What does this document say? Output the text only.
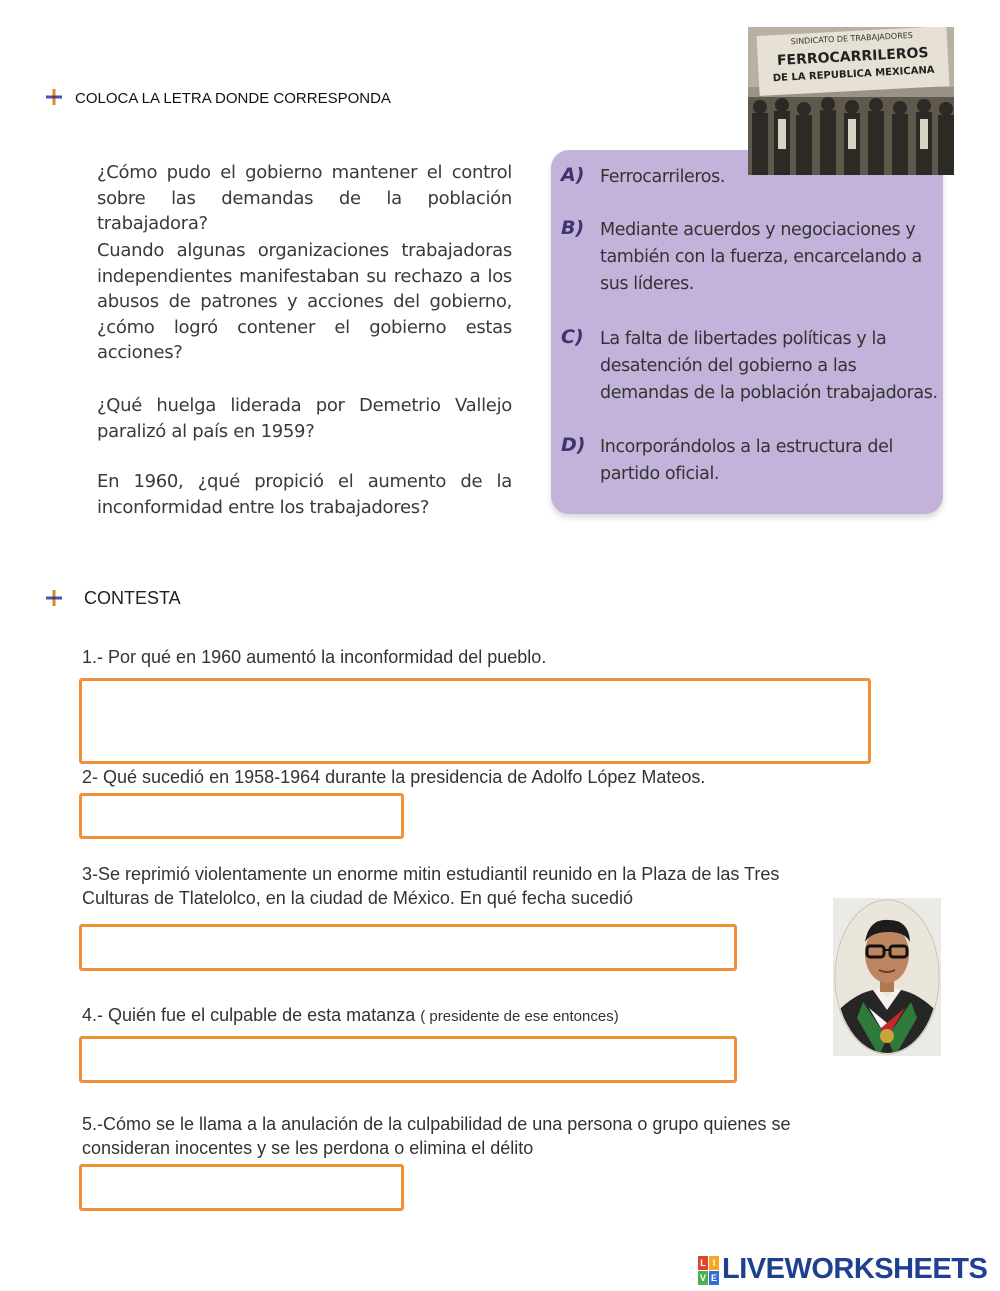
COLOCA LA LETRA DONDE CORRESPONDA
¿Cómo pudo el gobierno mantener el control sobre las demandas de la población trabajadora?
Cuando algunas organizaciones trabajadoras independientes manifestaban su rechazo a los abusos de patrones y acciones del gobierno, ¿cómo logró contener el gobierno estas acciones?
¿Qué huelga liderada por Demetrio Vallejo paralizó al país en 1959?
En 1960, ¿qué propició el aumento de la inconformidad entre los trabajadores?
A) Ferrocarrileros.
B) Mediante acuerdos y negociaciones y también con la fuerza, encarcelando a sus líderes.
C) La falta de libertades políticas y la desatención del gobierno a las demandas de la población trabajadoras.
D) Incorporándolos a la estructura del partido oficial.
SINDICATO DE TRABAJADORES
FERROCARRILEROS
DE LA REPUBLICA MEXICANA
CONTESTA
1.- Por qué en 1960 aumentó la inconformidad del pueblo.
2- Qué sucedió en 1958-1964 durante la presidencia de Adolfo López Mateos.
3-Se reprimió violentamente un enorme mitin estudiantil reunido en la Plaza de las Tres
Culturas de Tlatelolco, en la ciudad de México. En qué fecha sucedió
4.- Quién fue el culpable de esta matanza ( presidente de ese entonces)
5.-Cómo se le llama a la anulación de la culpabilidad de una persona o grupo quienes se
consideran inocentes y se les perdona o elimina el délito
L I
V E LIVEWORKSHEETS
